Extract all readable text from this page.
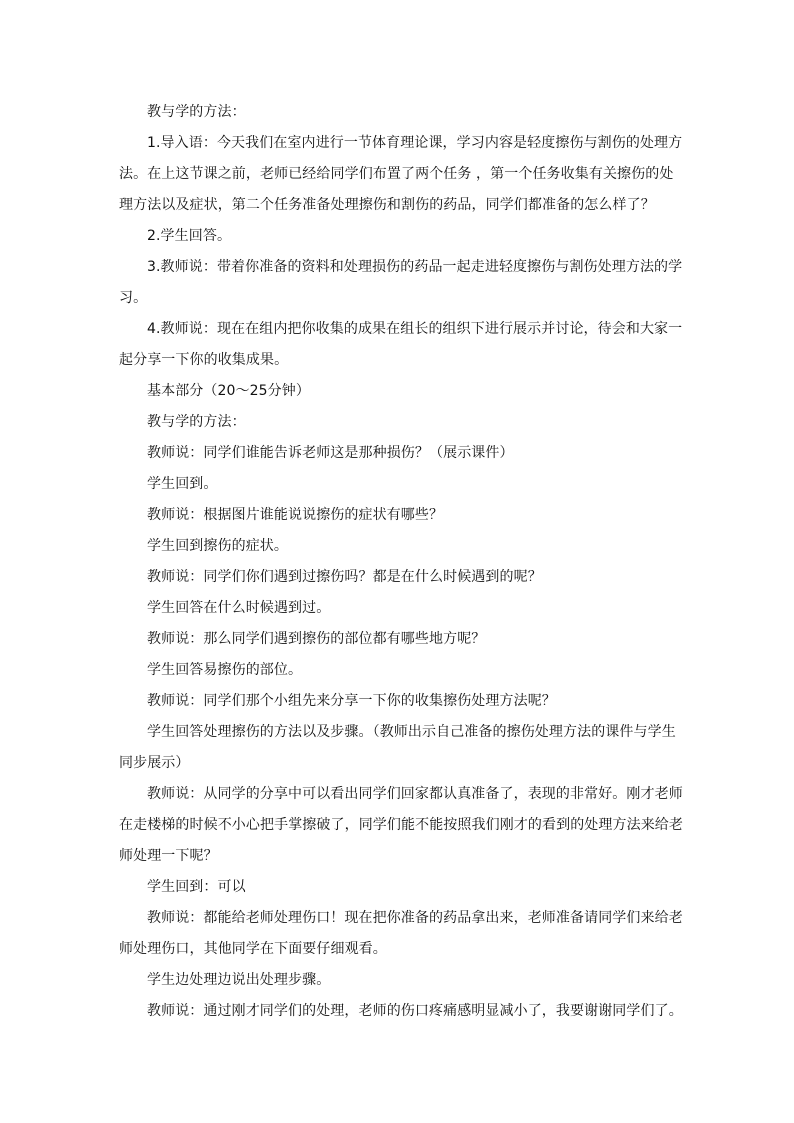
教与学的方法：

1.导入语：今天我们在室内进行一节体育理论课，学习内容是轻度擦伤与割伤的处理方法。在上这节课之前，老师已经给同学们布置了两个任务 ，第一个任务收集有关擦伤的处理方法以及症状，第二个任务准备处理擦伤和割伤的药品，同学们都准备的怎么样了？

2.学生回答。

3.教师说：带着你准备的资料和处理损伤的药品一起走进轻度擦伤与割伤处理方法的学习。

4.教师说：现在在组内把你收集的成果在组长的组织下进行展示并讨论，待会和大家一起分享一下你的收集成果。

基本部分（20～25分钟）

教与学的方法：

教师说：同学们谁能告诉老师这是那种损伤？（展示课件）

学生回到。

教师说：根据图片谁能说说擦伤的症状有哪些？

学生回到擦伤的症状。

教师说：同学们你们遇到过擦伤吗？都是在什么时候遇到的呢？

学生回答在什么时候遇到过。

教师说：那么同学们遇到擦伤的部位都有哪些地方呢？

学生回答易擦伤的部位。

教师说：同学们那个小组先来分享一下你的收集擦伤处理方法呢？

学生回答处理擦伤的方法以及步骤。（教师出示自己准备的擦伤处理方法的课件与学生同步展示）

教师说：从同学的分享中可以看出同学们回家都认真准备了，表现的非常好。刚才老师在走楼梯的时候不小心把手掌擦破了，同学们能不能按照我们刚才的看到的处理方法来给老师处理一下呢？

学生回到：可以

教师说：都能给老师处理伤口！现在把你准备的药品拿出来，老师准备请同学们来给老师处理伤口，其他同学在下面要仔细观看。

学生边处理边说出处理步骤。

教师说：通过刚才同学们的处理，老师的伤口疼痛感明显减小了，我要谢谢同学们了。
